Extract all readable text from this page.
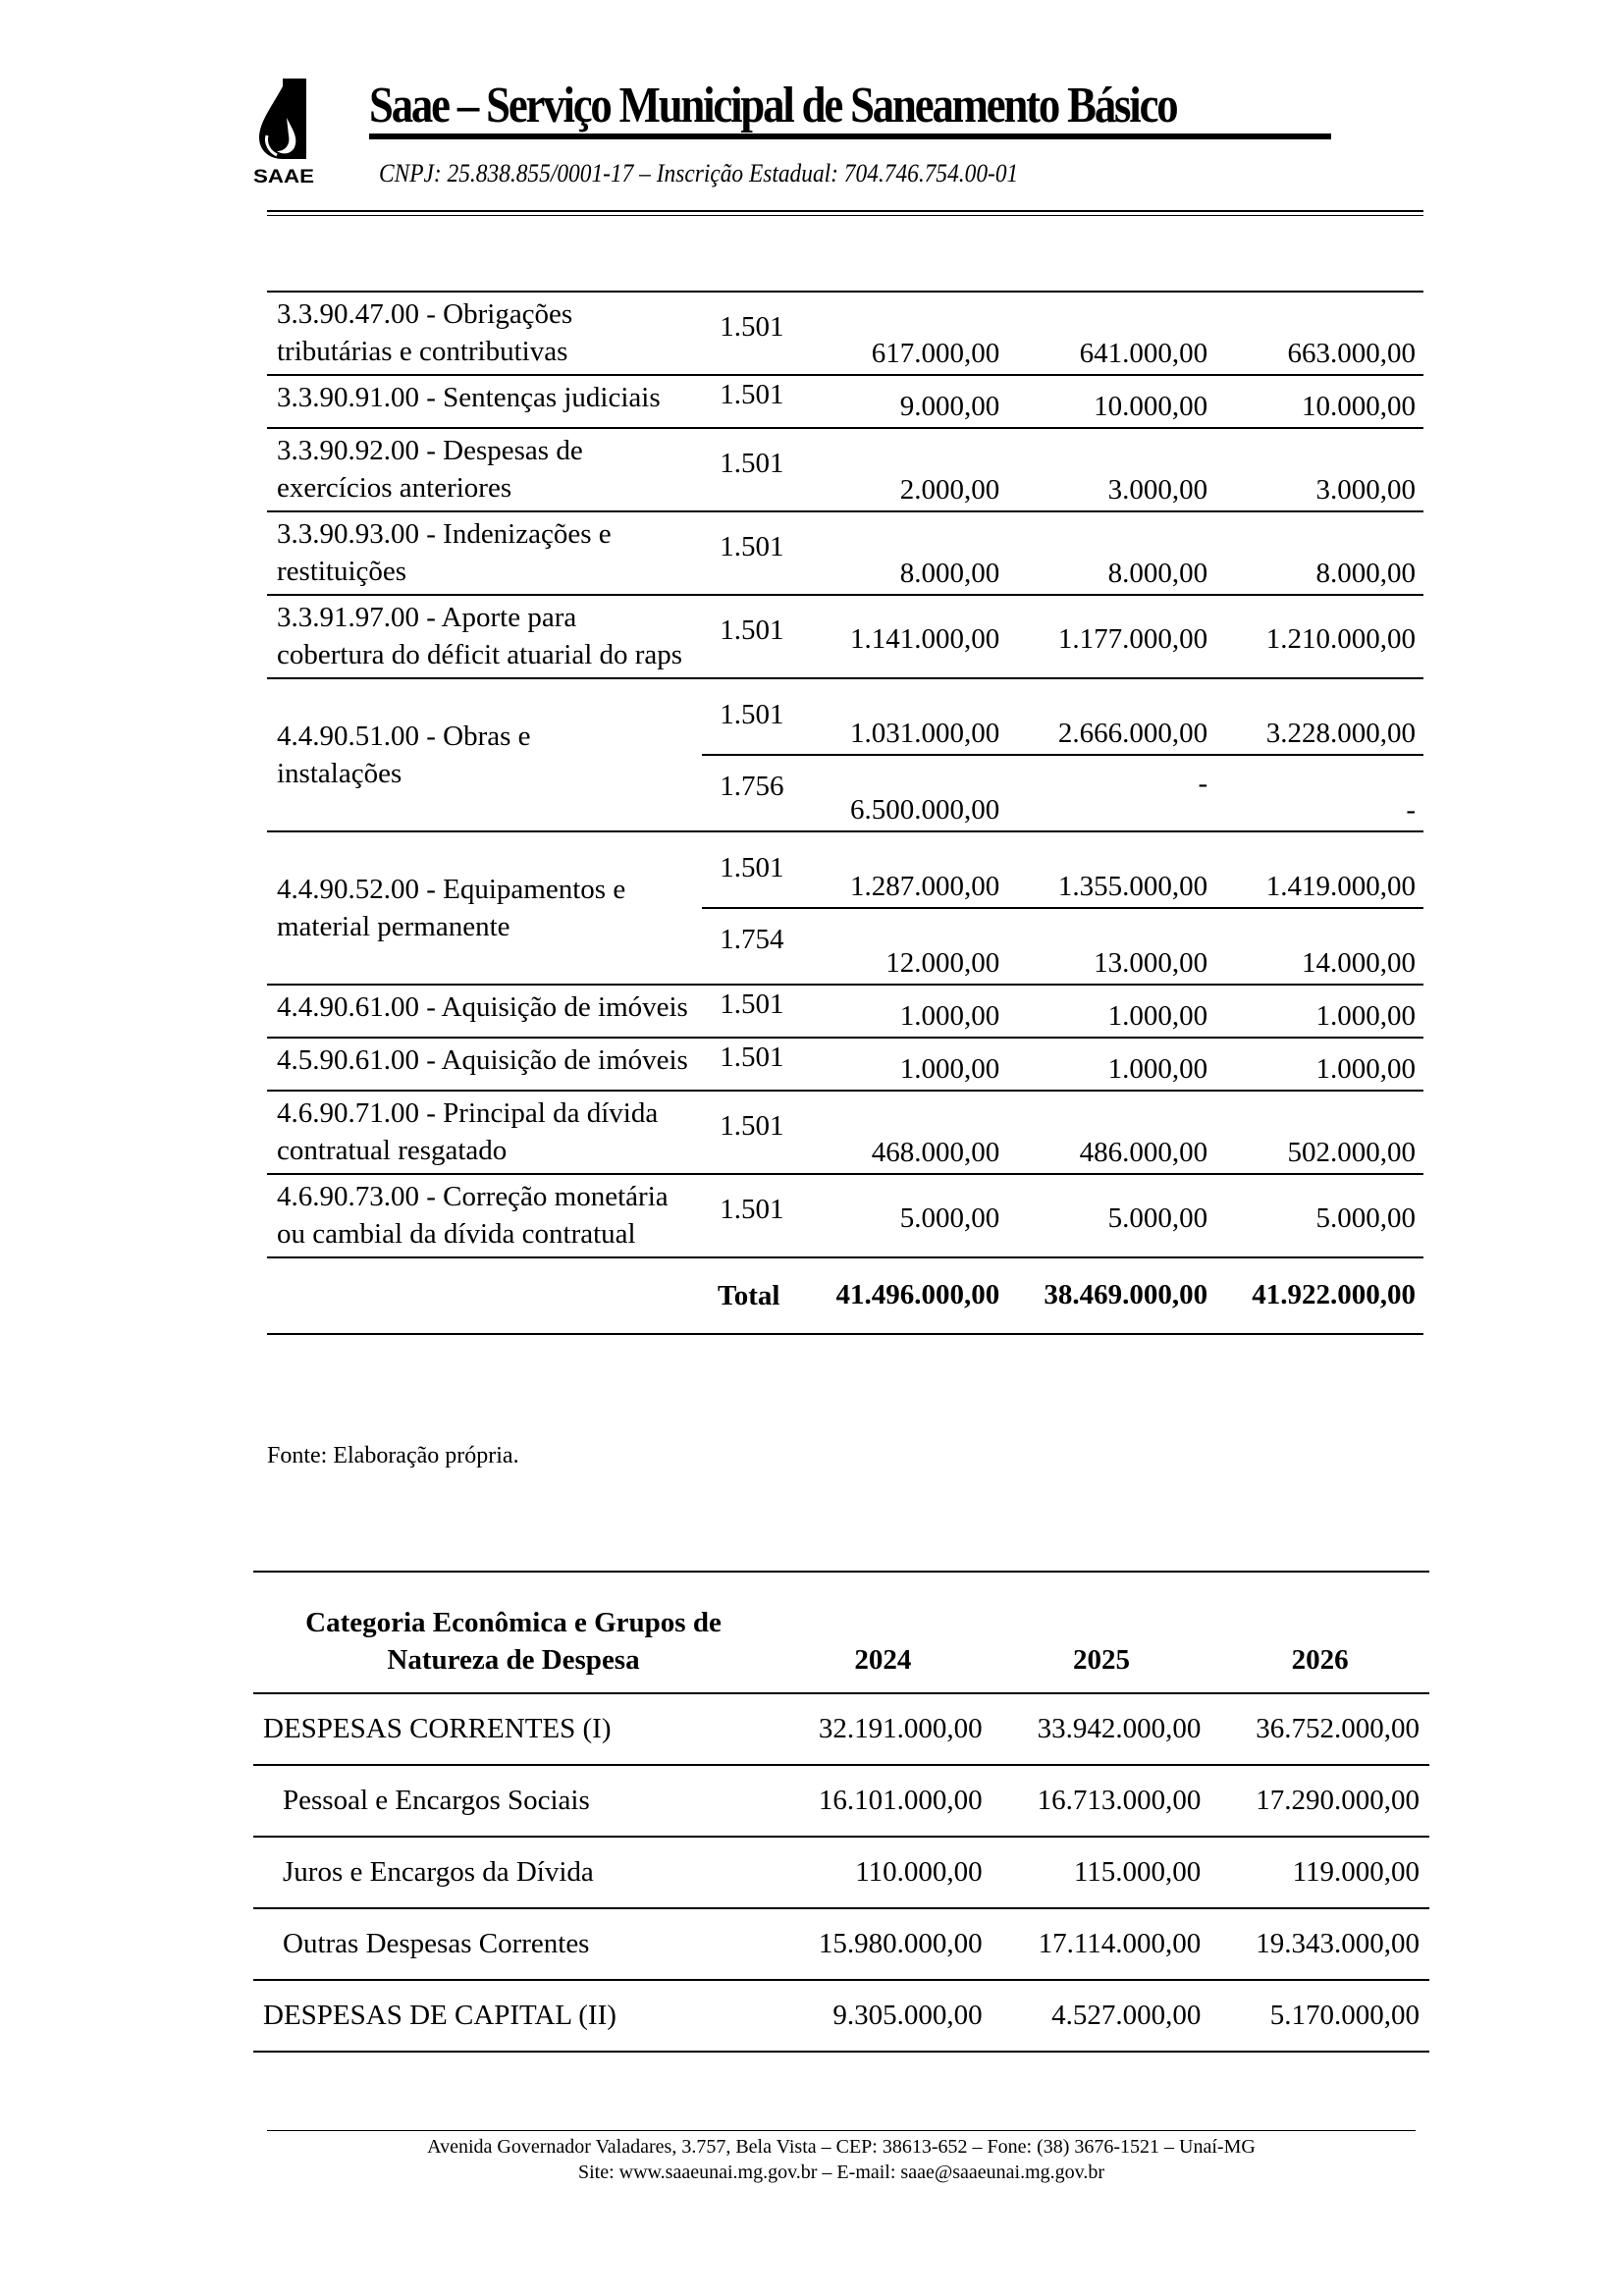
SAAE
Saae – Serviço Municipal de Saneamento Básico
CNPJ: 25.838.855/0001-17 – Inscrição Estadual: 704.746.754.00-01
3.3.90.47.00 - Obrigações tributárias e contributivas	1.501	617.000,00	641.000,00	663.000,00
3.3.90.91.00 - Sentenças judiciais	1.501	9.000,00	10.000,00	10.000,00
3.3.90.92.00 - Despesas de exercícios anteriores	1.501	2.000,00	3.000,00	3.000,00
3.3.90.93.00 - Indenizações e restituições	1.501	8.000,00	8.000,00	8.000,00
3.3.91.97.00 - Aporte para cobertura do déficit atuarial do raps	1.501	1.141.000,00	1.177.000,00	1.210.000,00
4.4.90.51.00 - Obras e instalações	1.501	1.031.000,00	2.666.000,00	3.228.000,00
	1.756	6.500.000,00	-	-
4.4.90.52.00 - Equipamentos e material permanente	1.501	1.287.000,00	1.355.000,00	1.419.000,00
	1.754	12.000,00	13.000,00	14.000,00
4.4.90.61.00 - Aquisição de imóveis	1.501	1.000,00	1.000,00	1.000,00
4.5.90.61.00 - Aquisição de imóveis	1.501	1.000,00	1.000,00	1.000,00
4.6.90.71.00 - Principal da dívida contratual resgatado	1.501	468.000,00	486.000,00	502.000,00
4.6.90.73.00 - Correção monetária ou cambial da dívida contratual	1.501	5.000,00	5.000,00	5.000,00
Total		41.496.000,00	38.469.000,00	41.922.000,00
Fonte: Elaboração própria.
Categoria Econômica e Grupos de Natureza de Despesa	2024	2025	2026
DESPESAS CORRENTES (I)	32.191.000,00	33.942.000,00	36.752.000,00
Pessoal e Encargos Sociais	16.101.000,00	16.713.000,00	17.290.000,00
Juros e Encargos da Dívida	110.000,00	115.000,00	119.000,00
Outras Despesas Correntes	15.980.000,00	17.114.000,00	19.343.000,00
DESPESAS DE CAPITAL (II)	9.305.000,00	4.527.000,00	5.170.000,00
Avenida Governador Valadares, 3.757, Bela Vista – CEP: 38613-652 – Fone: (38) 3676-1521 – Unaí-MG
Site: www.saaeunai.mg.gov.br – E-mail: saae@saaeunai.mg.gov.br
